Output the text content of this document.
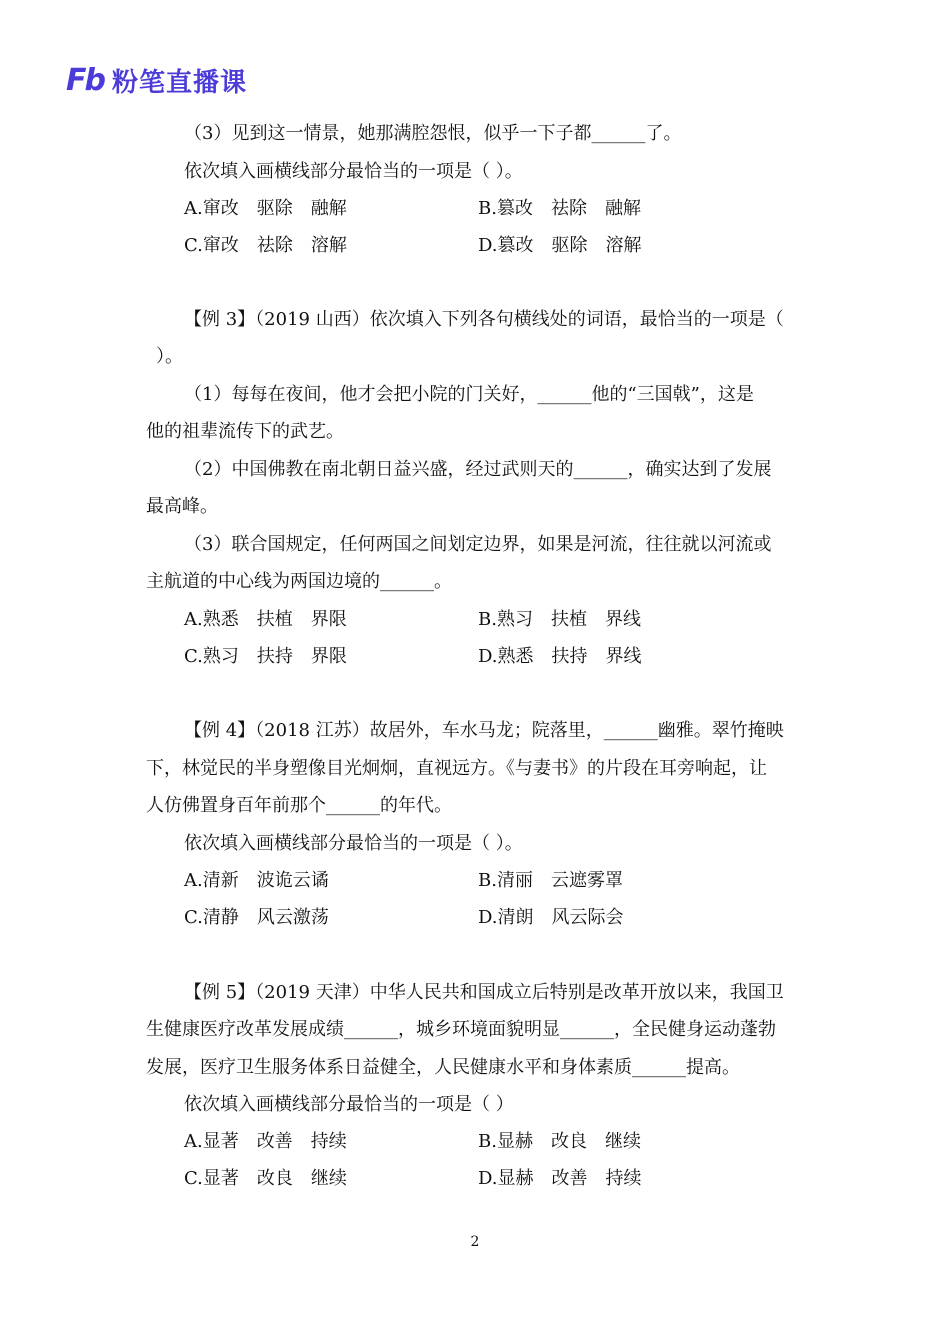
Fb 粉笔直播课
（3）见到这一情景，她那满腔怨恨，似乎一下子都______了。
依次填入画横线部分最恰当的一项是（ ）。
A.窜改　驱除　融解	B.篡改　祛除　融解
C.窜改　祛除　溶解	D.篡改　驱除　溶解
【例 3】（2019 山西）依次填入下列各句横线处的词语，最恰当的一项是（
）。
（1）每每在夜间，他才会把小院的门关好，______他的“三国戟”，这是
他的祖辈流传下的武艺。
（2）中国佛教在南北朝日益兴盛，经过武则天的______，确实达到了发展
最高峰。
（3）联合国规定，任何两国之间划定边界，如果是河流，往往就以河流或
主航道的中心线为两国边境的______。
A.熟悉　扶植　界限	B.熟习　扶植　界线
C.熟习　扶持　界限	D.熟悉　扶持　界线
【例 4】（2018 江苏）故居外，车水马龙；院落里，______幽雅。翠竹掩映
下，林觉民的半身塑像目光炯炯，直视远方。《与妻书》的片段在耳旁响起，让
人仿佛置身百年前那个______的年代。
依次填入画横线部分最恰当的一项是（ ）。
A.清新　波诡云谲	B.清丽　云遮雾罩
C.清静　风云激荡	D.清朗　风云际会
【例 5】（2019 天津）中华人民共和国成立后特别是改革开放以来，我国卫
生健康医疗改革发展成绩______，城乡环境面貌明显______，全民健身运动蓬勃
发展，医疗卫生服务体系日益健全，人民健康水平和身体素质______提高。
依次填入画横线部分最恰当的一项是（ ）
A.显著　改善　持续	B.显赫　改良　继续
C.显著　改良　继续	D.显赫　改善　持续
2
